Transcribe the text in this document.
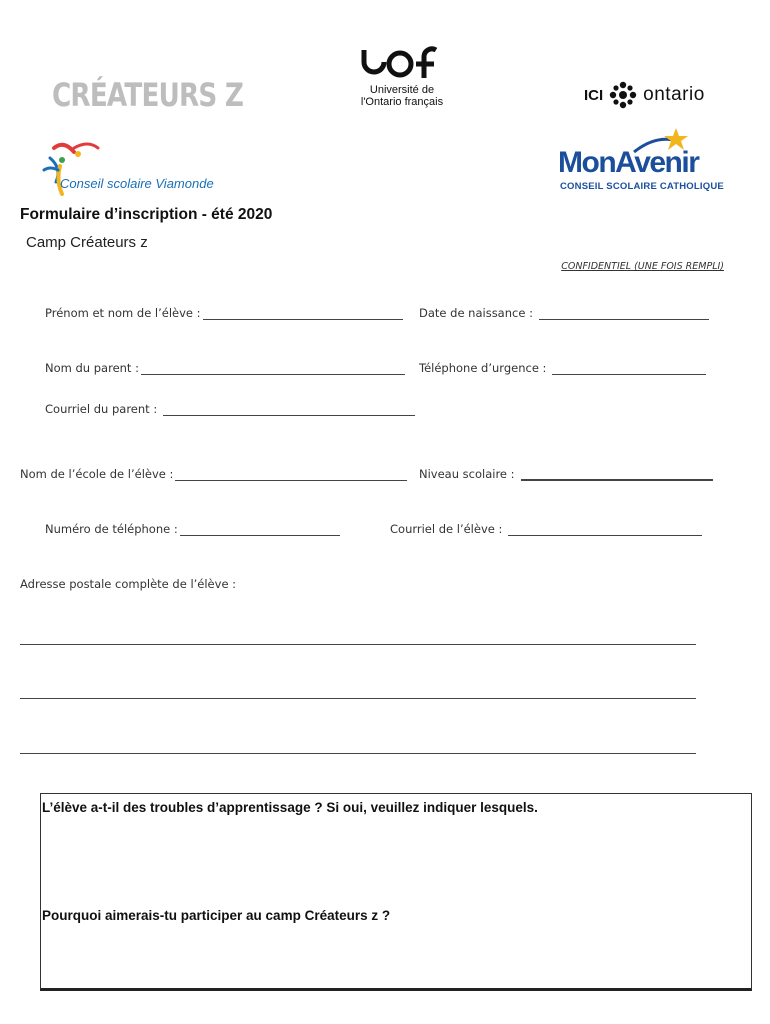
CRÉATEURS Z	Université de
l'Ontario français	ICI ontario
Conseil scolaire Viamonde
MonAvenir
CONSEIL SCOLAIRE CATHOLIQUE
Formulaire d’inscription - été 2020
Camp Créateurs z
CONFIDENTIEL (UNE FOIS REMPLI)
Prénom et nom de l’élève :	Date de naissance :
Nom du parent :	Téléphone d’urgence :
Courriel du parent :
Nom de l’école de l’élève :	Niveau scolaire :
Numéro de téléphone :	Courriel de l’élève :
Adresse postale complète de l’élève :
L’élève a-t-il des troubles d’apprentissage ? Si oui, veuillez indiquer lesquels.
Pourquoi aimerais-tu participer au camp Créateurs z ?
